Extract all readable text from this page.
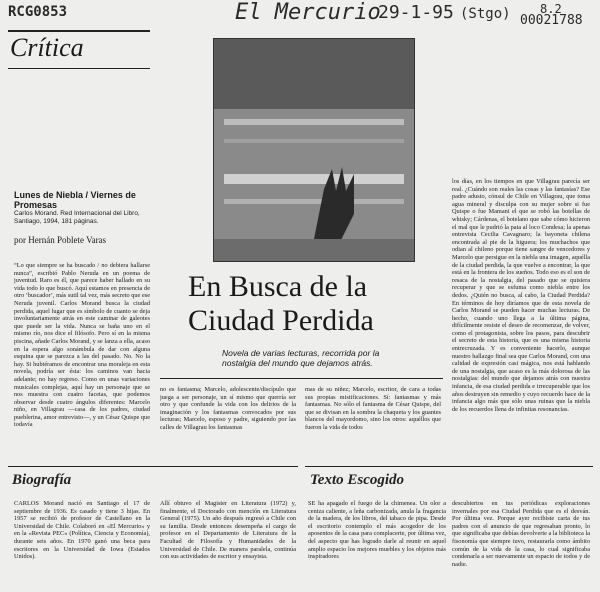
RCG0853	El Mercurio
29-1-95 (Stgo) 8.2
00021788
Crítica
Lunes de Niebla / Viernes de
Promesas
Carlos Morand. Red Internacional del Libro,
Santiago, 1994, 181 páginas.
por Hernán Poblete Varas
En Busca de la
Ciudad Perdida
Novela de varias lecturas, recorrida por la
nostalgia del mundo que dejamos atrás.
“Lo que siempre se ha buscado / no debiera hallarse nunca”, escribió Pablo Neruda en un poema de juventud. Raro es él, que parece haber hallado en su vida todo lo que buscó. Aquí estamos en presencia de otro ‘buscador’, más sutil tal vez, más secreto que ese Neruda juvenil. Carlos Morand busca la ciudad perdida, aquel lugar que es símbolo de cuanto se deja involuntariamente atrás en este caminar de galeotes que puede ser la vida. Nunca se baña uno en el mismo río, nos dice el filósofo. Pero sí en la misma piscina, añade Carlos Morand, y se lanza a ella, acaso en la espera algo sonámbula de dar con alguna esquina que se parezca a las del pasado. No. No la hay. Si hubiéramos de encontrar una moraleja en esta novela, podría ser ésta: los caminos van hacia adelante; no hay regreso. Como en unas variaciones musicales complejas, aquí hay un personaje que se nos muestra con cuatro facetas, que podemos observar desde cuatro ángulos diferentes: Marcelo niño, en Villagrau —casa de los padres, ciudad pueblerina, amor entrevisto—, y un César Quispe que todavía
no es fantasma; Marcelo, adolescente/discípulo que juega a ser personaje, un sí mismo que querría ser otro y que confunde la vida con los delirios de la imaginación y los fantasmas convocados por sus lecturas; Marcelo, esposo y padre, siguiendo por las calles de Villagrau los fantasmas
mas de su niñez; Marcelo, escritor, de cara a todas sus propias mistificaciones. Sí: fantasmas y más fantasmas. No sólo el fantasma de César Quispe, del que se divisan en la sombra la chaqueta y los guantes blancos del mayordomo, sino los otros: aquéllos que fueron la vida de todos
los días, en los tiempos en que Villagrau parecía ser real. ¿Cuándo son reales las cosas y las fantasías? Ese padre adusto, cónsul de Chile en Villagrau, que toma agua mineral y disculpa con su mujer sobre si fue Quispe o fue Mamani el que se robó las botellas de whisky; Cárdenas, el botelano que sabe cómo hicieron el mal que le pudrió la pata al loco Condesa; la apenas entrevista Cecilia Cavagnaro; la bayoneta chilena encontrada al pie de la higuera; los muchachos que odian al chileno porque tiene sangre de vencedores y Marcelo que persigue en la niebla una imagen, aquélla de la ciudad perdida, la que vuelve a encontrar, la que está en la frontera de los sueños. Todo eso es el son de resaca de la nostalgia, del pasado que se quisiera recuperar y que se esfuma como niebla entre los dedos. ¿Quién no busca, al cabo, la Ciudad Perdida? En términos de hoy diríamos que de esta novela de Carlos Morand se pueden hacer muchas lecturas. De hecho, cuando uno llega a la última página, difícilmente resiste el deseo de recomenzar, de volver, como el protagonista, sobre los pasos, para descubrir el secreto de esta historia, que es una misma historia entrecruzada. Y es conveniente hacerlo, aunque nuestro hallazgo final sea que Carlos Morand, con una calidad de expresión casi mágica, nos está hablando de una nostalgia, que acaso es la más dolorosa de las nostalgias: del mundo que dejamos atrás con nuestra infancia, de esa ciudad perdida e irrecuperable que los años destruyen sin remedio y cuyo recuerdo hace de la infancia algo más que sólo unas ruinas que la niebla de los recuerdos llena de infinitas resonancias.
Biografía
CARLOS Morand nació en Santiago el 17 de septiembre de 1936. Es casado y tiene 3 hijas. En 1957 se recibió de profesor de Castellano en la Universidad de Chile. Colaboró en «El Mercurio» y en la «Revista PEC» (Política, Ciencia y Economía), durante seis años. En 1970 ganó una beca para escritores en la Universidad de Iowa (Estados Unidos).
Allí obtuvo el Magister en Literatura (1972) y, finalmente, el Doctorado con mención en Literatura General (1975). Un año después regresó a Chile con su familia. Desde entonces desempeña el cargo de profesor en el Departamento de Literatura de la Facultad de Filosofía y Humanidades de la Universidad de Chile. De manera paralela, continúa con sus actividades de escritor y ensayista.
Texto Escogido
SE ha apagado el fuego de la chimenea. Un olor a ceniza caliente, a leña carbonizada, anula la fragancia de la madera, de los libros, del tabaco de pipa. Desde el escritorio contemplo el más acogedor de los aposentos de la casa para complacerte, por última vez, del aspecto que has logrado darle al reunir en aquel amplio espacio los mejores muebles y los objetos más inspiradores
descubiertos en tus periódicas exploraciones invernales por esa Ciudad Perdida que es el desván. Por última vez. Porque ayer recibiste carta de tus padres con el anuncio de que regresaban pronto, lo que significaba que debías devolverte a la biblioteca la fisonomía que siempre tuvo, restaurarla como ámbito común de la vida de la casa, lo cual significaba condenarla a ser nuevamente un espacio de todos y de nadie.
